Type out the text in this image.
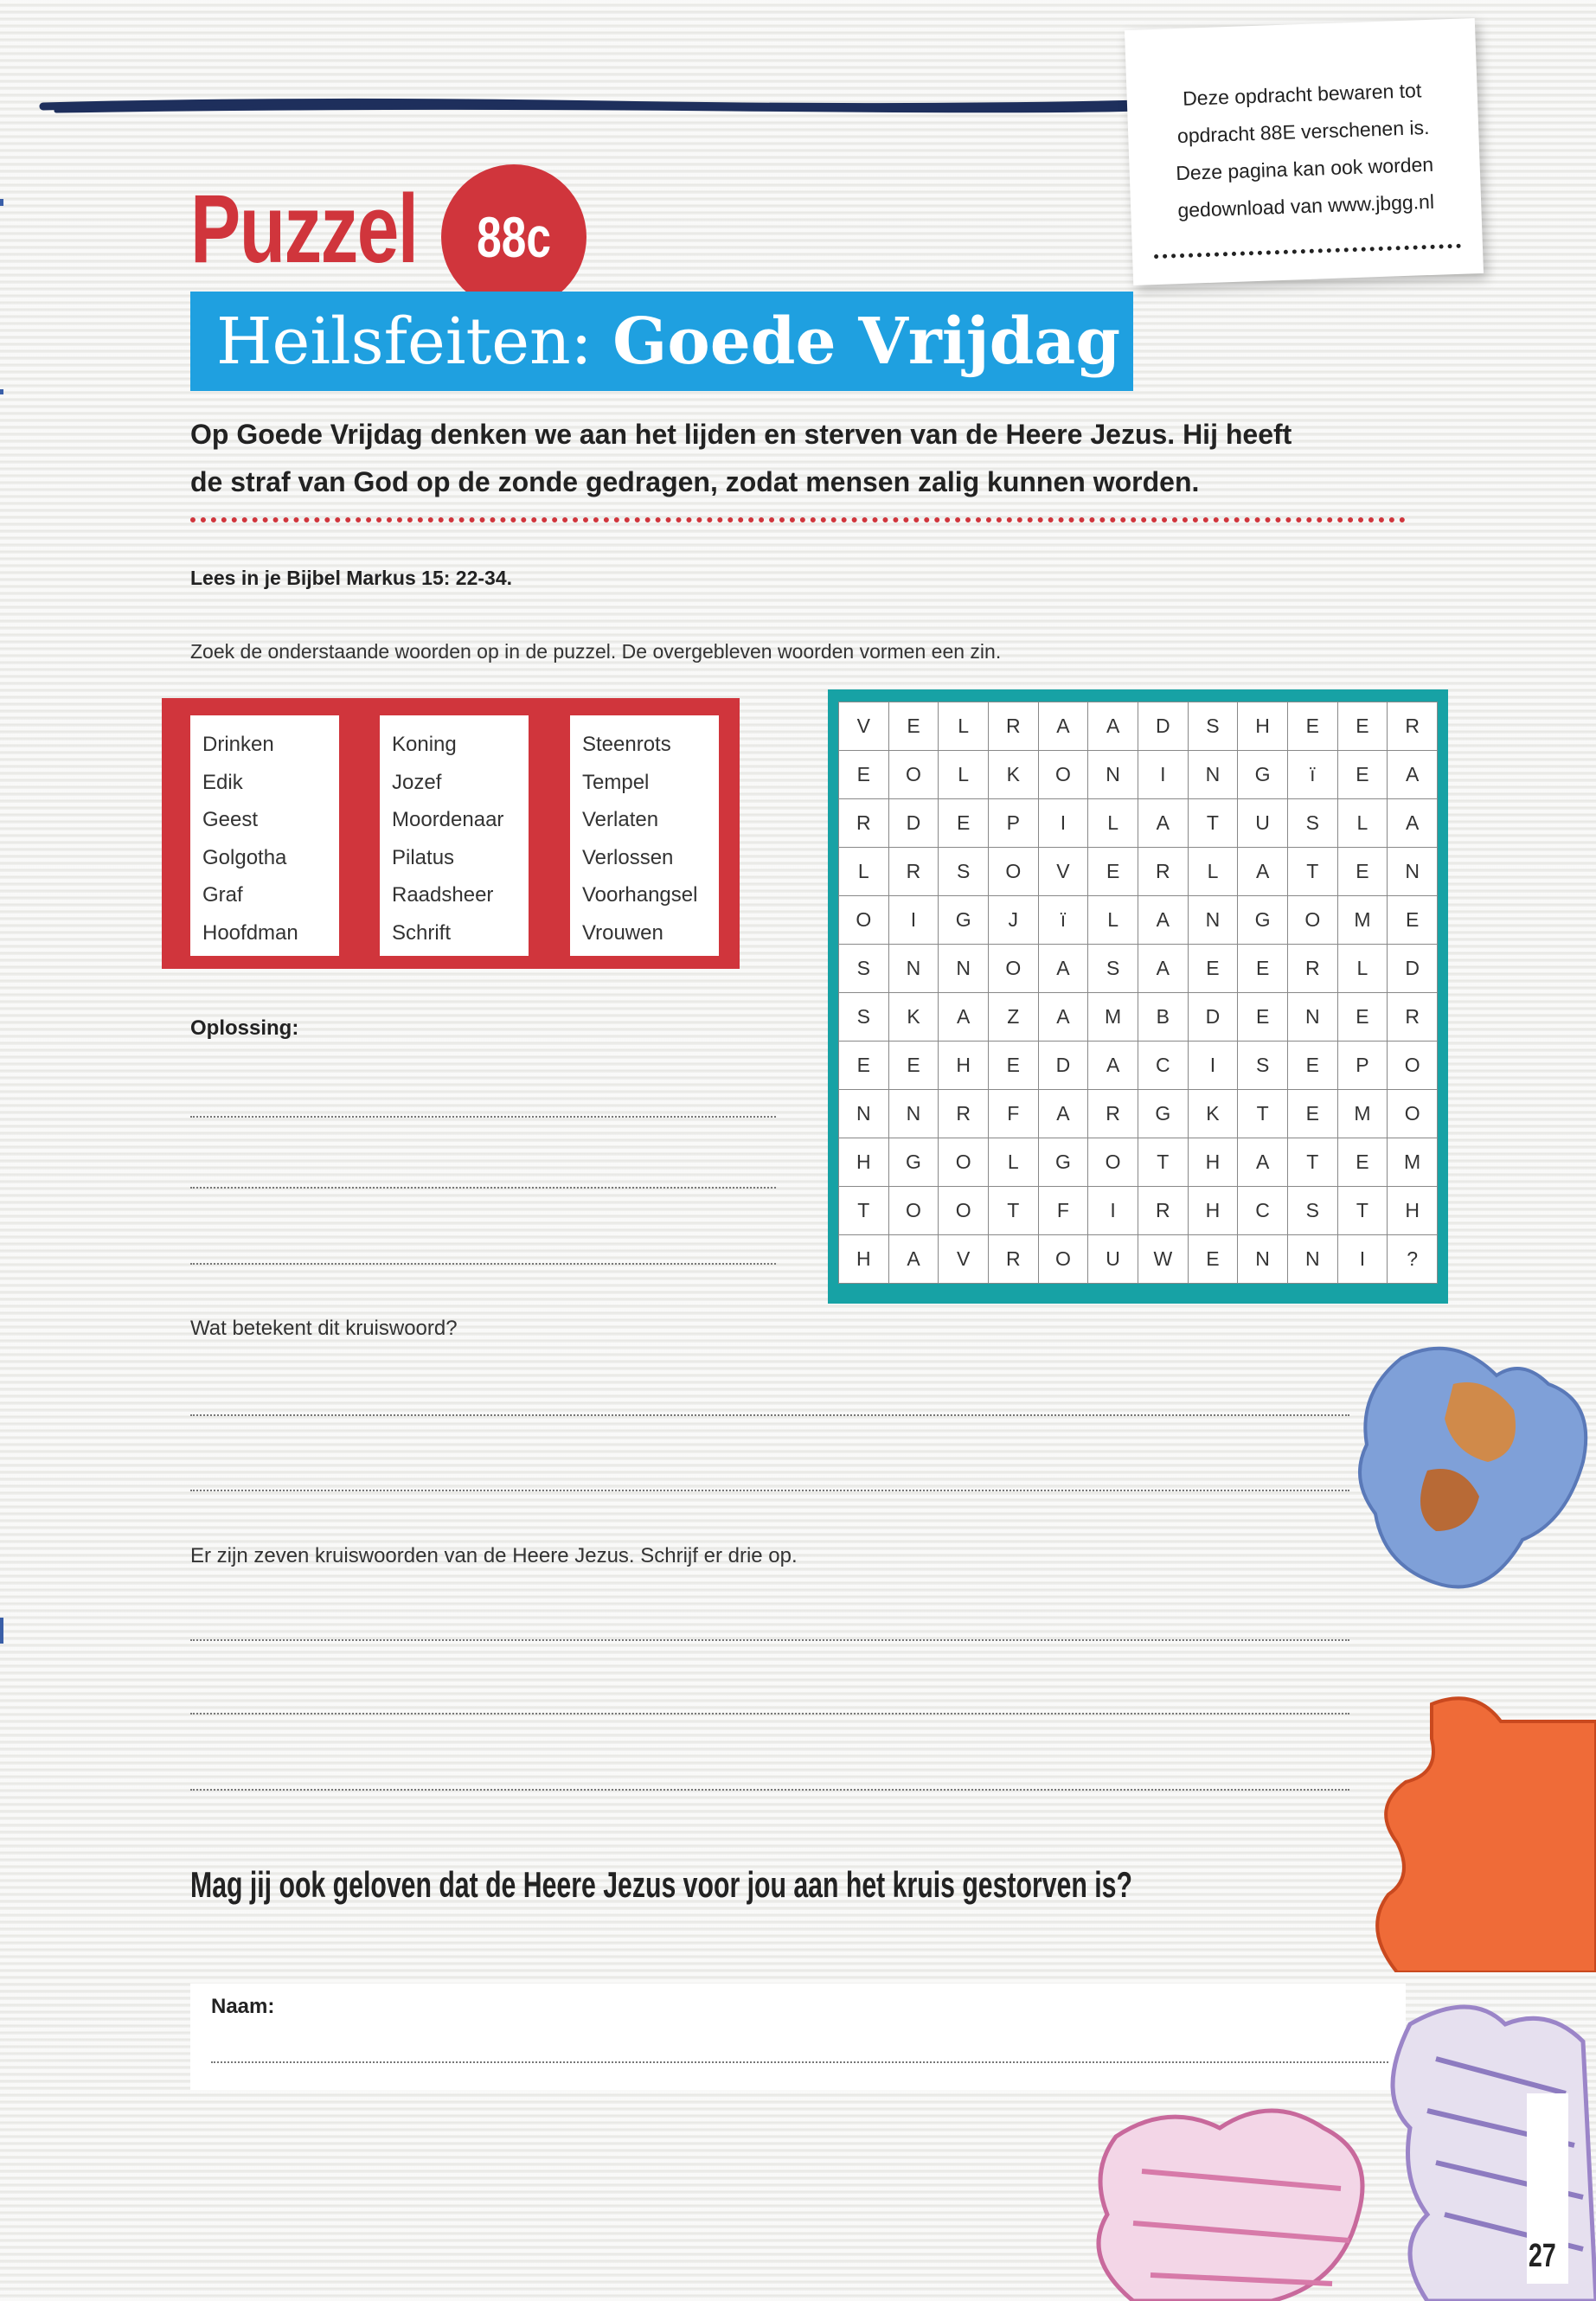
Deze opdracht bewaren tot
opdracht 88E verschenen is.
Deze pagina kan ook worden
gedownload van www.jbgg.nl
Puzzel	88c
Heilsfeiten: Goede Vrijdag
Op Goede Vrijdag denken we aan het lijden en sterven van de Heere Jezus. Hij heeft
de straf van God op de zonde gedragen, zodat mensen zalig kunnen worden.
Lees in je Bijbel Markus 15: 22-34.
Zoek de onderstaande woorden op in de puzzel. De overgebleven woorden vormen een zin.
Drinken
Edik
Geest
Golgotha
Graf
Hoofdman
Koning
Jozef
Moordenaar
Pilatus
Raadsheer
Schrift
Steenrots
Tempel
Verlaten
Verlossen
Voorhangsel
Vrouwen
V	E	L	R	A	A	D	S	H	E	E	R
E	O	L	K	O	N	I	N	G	ï	E	A
R	D	E	P	I	L	A	T	U	S	L	A
L	R	S	O	V	E	R	L	A	T	E	N
O	I	G	J	ï	L	A	N	G	O	M	E
S	N	N	O	A	S	A	E	E	R	L	D
S	K	A	Z	A	M	B	D	E	N	E	R
E	E	H	E	D	A	C	I	S	E	P	O
N	N	R	F	A	R	G	K	T	E	M	O
H	G	O	L	G	O	T	H	A	T	E	M
T	O	O	T	F	I	R	H	C	S	T	H
H	A	V	R	O	U	W	E	N	N	I	?
Oplossing:
Wat betekent dit kruiswoord?
Er zijn zeven kruiswoorden van de Heere Jezus. Schrijf er drie op.
Mag jij ook geloven dat de Heere Jezus voor jou aan het kruis gestorven is?
Naam:
27
